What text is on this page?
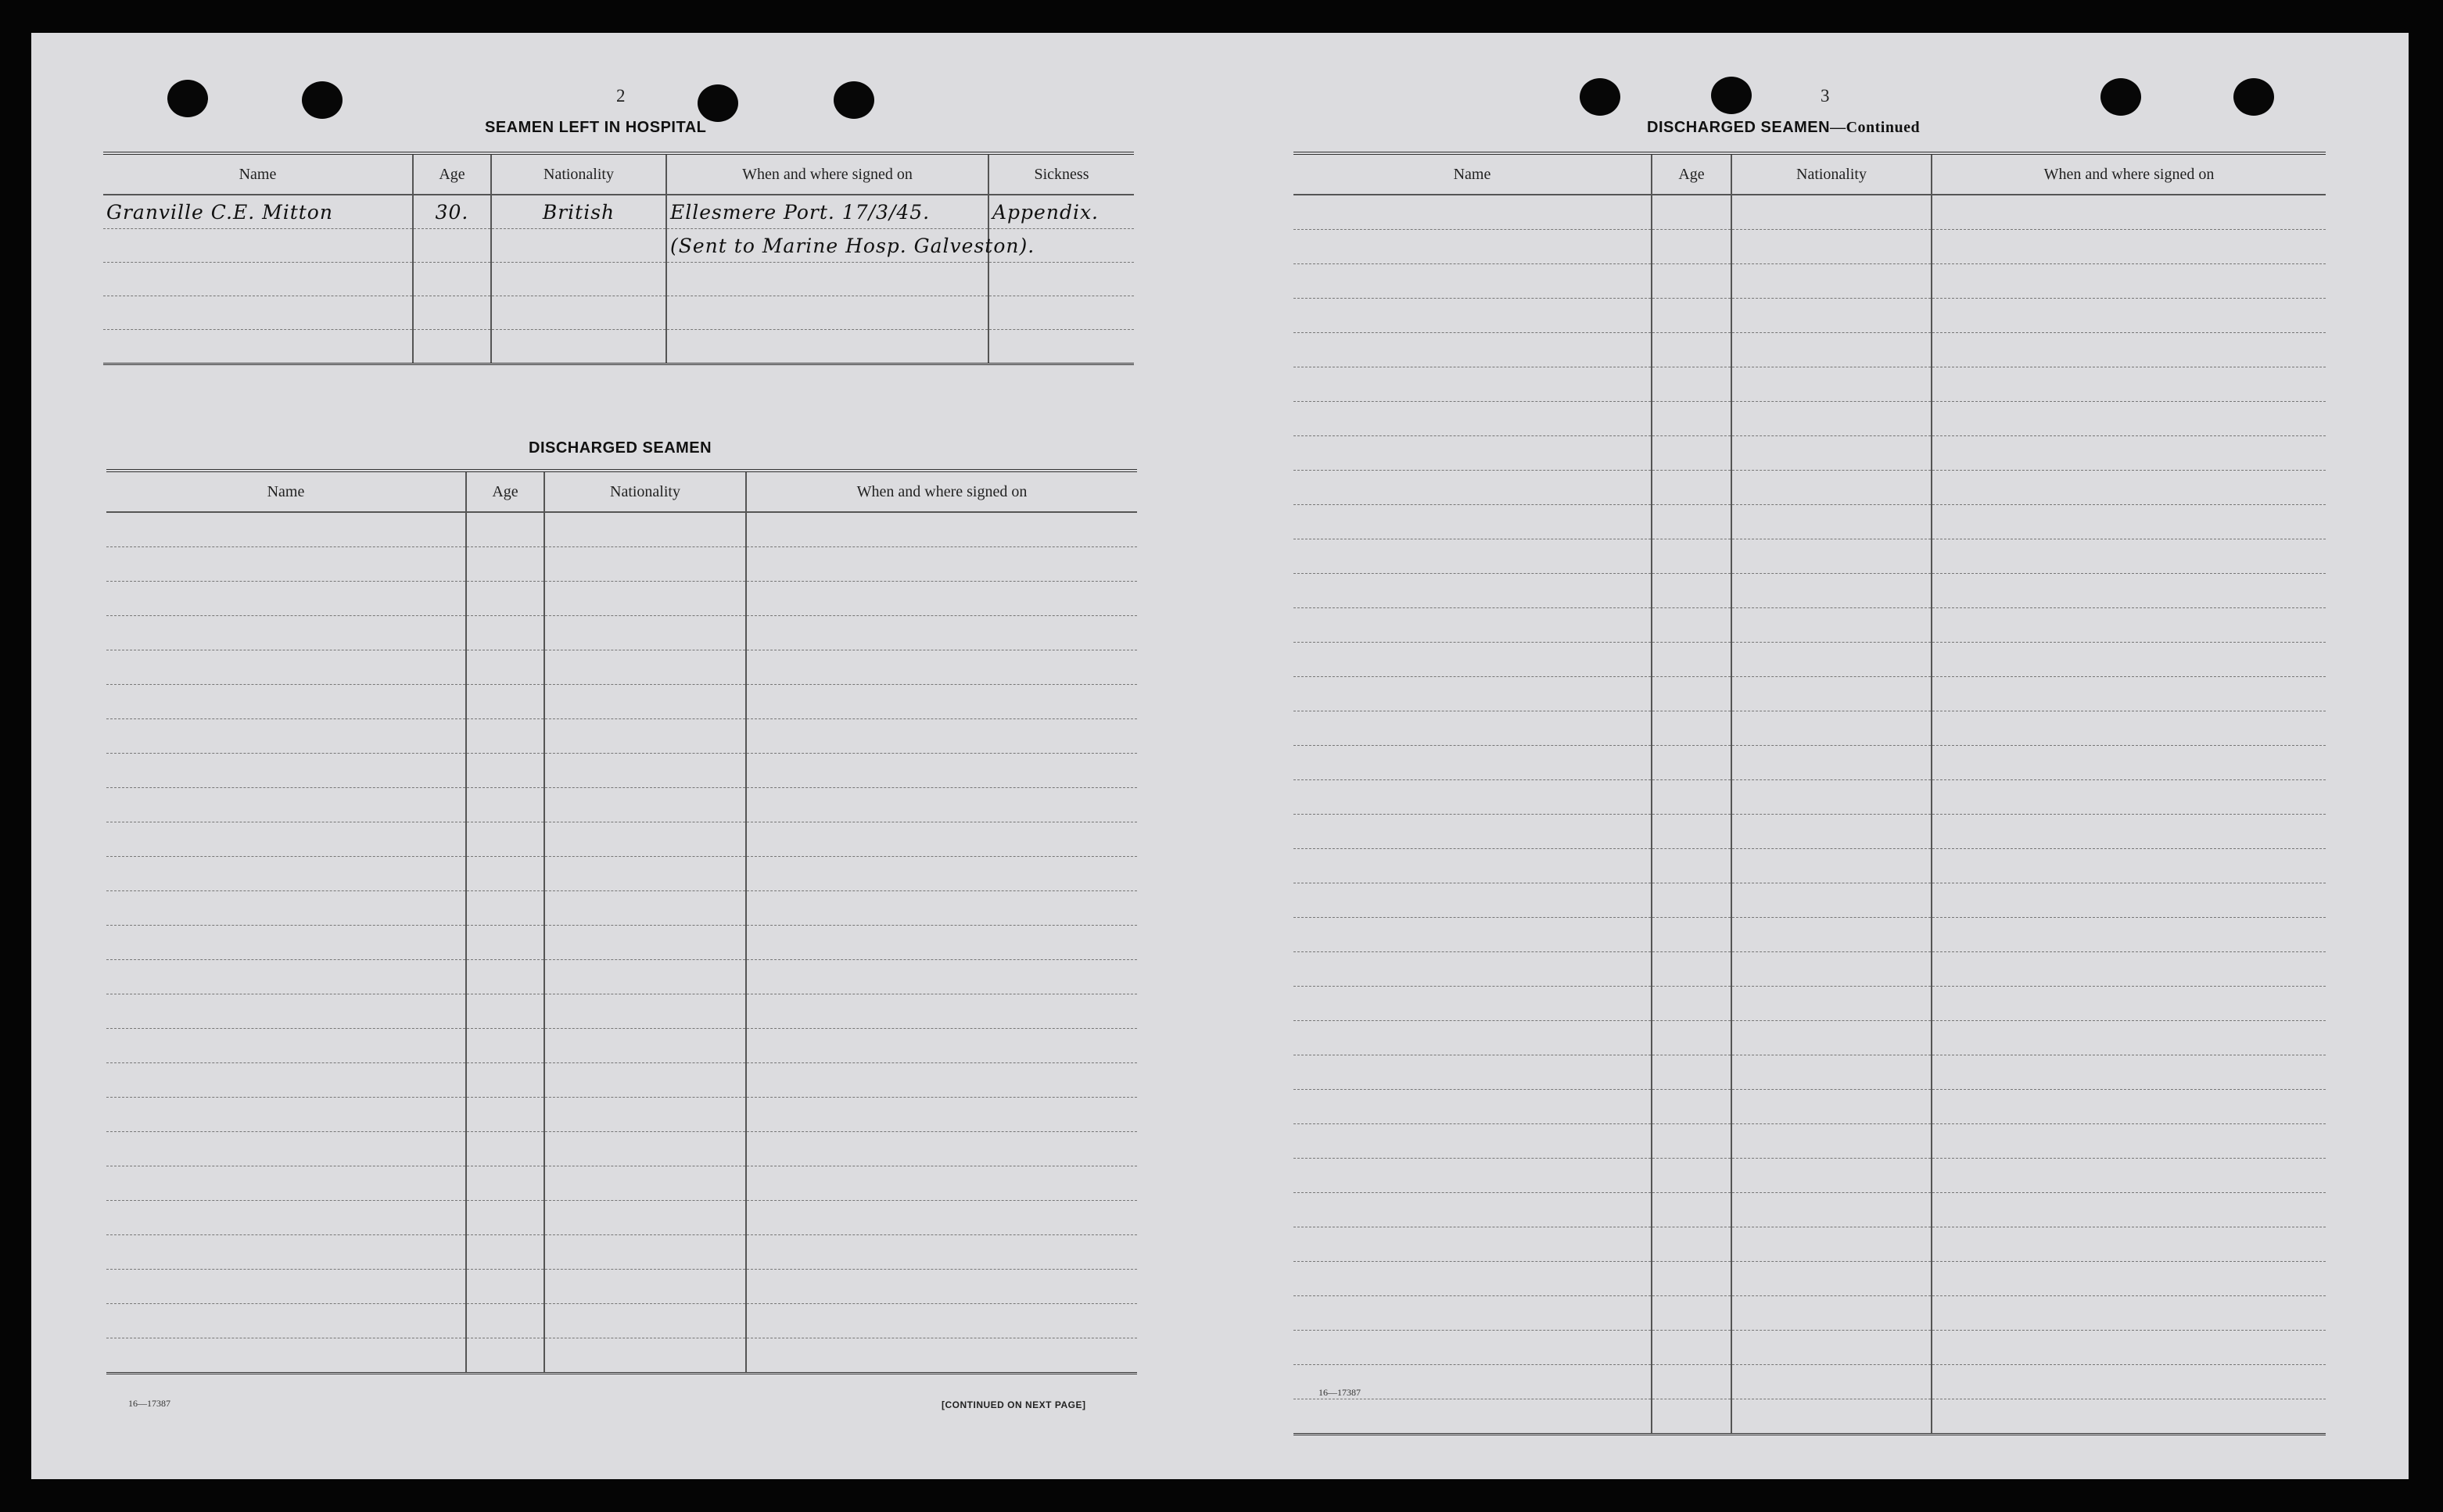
2
SEAMEN LEFT IN HOSPITAL
Name	Age	Nationality	When and where signed on	Sickness
Granville C.E. Mitton	30.	British	Ellesmere Port. 17/3/45.	Appendix.
			(Sent to Marine Hosp. Galveston).	

DISCHARGED SEAMEN
Name	Age	Nationality	When and where signed on

16—17387	[CONTINUED ON NEXT PAGE]
3
DISCHARGED SEAMEN—Continued
Name	Age	Nationality	When and where signed on

16—17387
